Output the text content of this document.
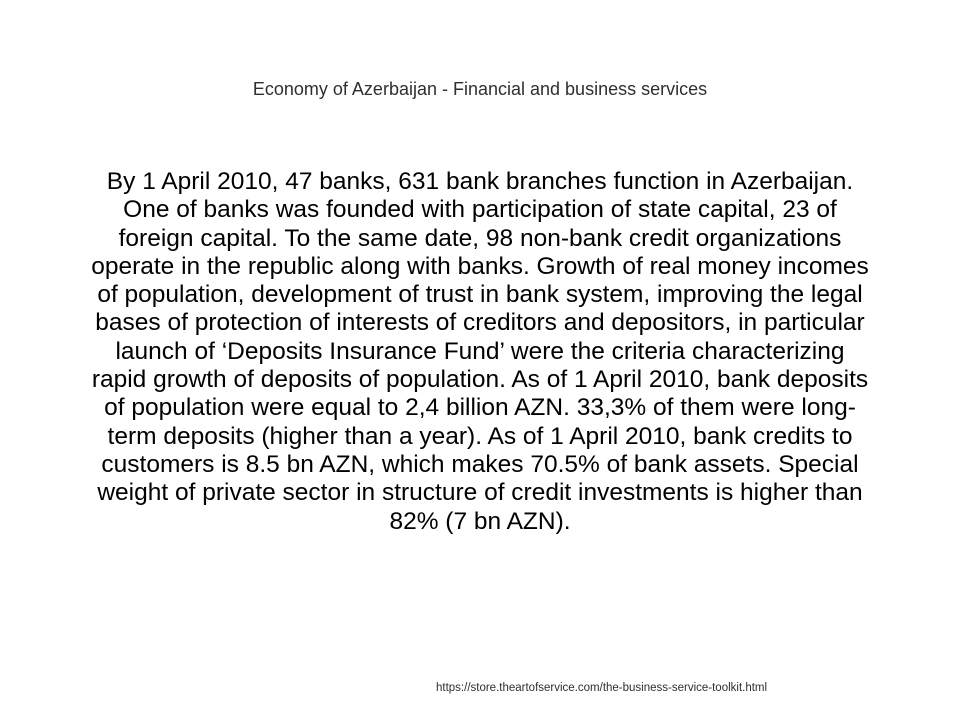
Economy of Azerbaijan - Financial and business services
By 1 April 2010, 47 banks, 631 bank branches function in Azerbaijan. One of banks was founded with participation of state capital, 23 of foreign capital. To the same date, 98 non-bank credit organizations operate in the republic along with banks. Growth of real money incomes of population, development of trust in bank system, improving the legal bases of protection of interests of creditors and depositors, in particular launch of ‘Deposits Insurance Fund’ were the criteria characterizing rapid growth of deposits of population. As of 1 April 2010, bank deposits of population were equal to 2,4 billion AZN. 33,3% of them were long-term deposits (higher than a year). As of 1 April 2010, bank credits to customers is 8.5 bn AZN, which makes 70.5% of bank assets. Special weight of private sector in structure of credit investments is higher than 82% (7 bn AZN).
https://store.theartofservice.com/the-business-service-toolkit.html
